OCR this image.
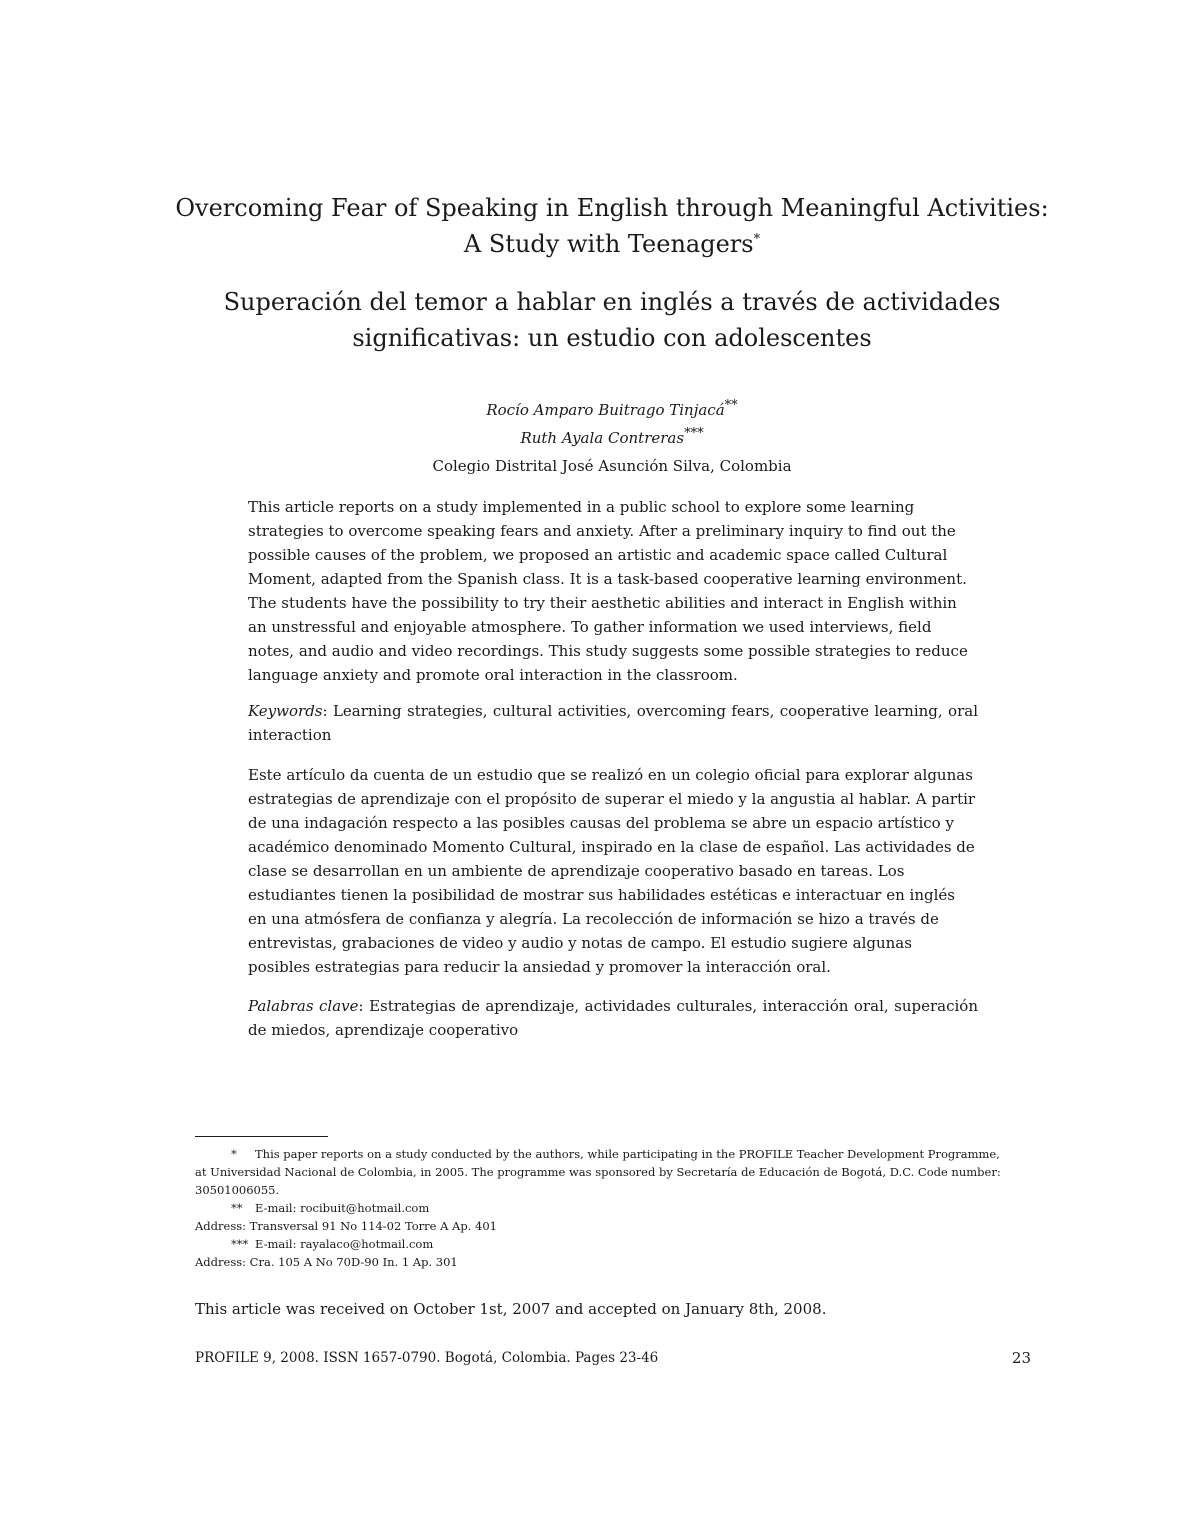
Overcoming Fear of Speaking in English through Meaningful Activities:
A Study with Teenagers*
Superación del temor a hablar en inglés a través de actividades
significativas: un estudio con adolescentes
Rocío Amparo Buitrago Tinjacá**
Ruth Ayala Contreras***
Colegio Distrital José Asunción Silva, Colombia

This article reports on a study implemented in a public school to explore some learning strategies to overcome speaking fears and anxiety. After a preliminary inquiry to find out the possible causes of the problem, we proposed an artistic and academic space called Cultural Moment, adapted from the Spanish class. It is a task-based cooperative learning environment. The students have the possibility to try their aesthetic abilities and interact in English within an unstressful and enjoyable atmosphere. To gather information we used interviews, field notes, and audio and video recordings. This study suggests some possible strategies to reduce language anxiety and promote oral interaction in the classroom.

Keywords: Learning strategies, cultural activities, overcoming fears, cooperative learning, oral interaction

Este artículo da cuenta de un estudio que se realizó en un colegio oficial para explorar algunas estrategias de aprendizaje con el propósito de superar el miedo y la angustia al hablar. A partir de una indagación respecto a las posibles causas del problema se abre un espacio artístico y académico denominado Momento Cultural, inspirado en la clase de español. Las actividades de clase se desarrollan en un ambiente de aprendizaje cooperativo basado en tareas. Los estudiantes tienen la posibilidad de mostrar sus habilidades estéticas e interactuar en inglés en una atmósfera de confianza y alegría. La recolección de información se hizo a través de entrevistas, grabaciones de video y audio y notas de campo. El estudio sugiere algunas posibles estrategias para reducir la ansiedad y promover la interacción oral.

Palabras clave: Estrategias de aprendizaje, actividades culturales, interacción oral, superación de miedos, aprendizaje cooperativo

* This paper reports on a study conducted by the authors, while participating in the PROFILE Teacher Development Programme,
at Universidad Nacional de Colombia, in 2005. The programme was sponsored by Secretaría de Educación de Bogotá, D.C. Code number:
30501006055.
** E-mail: rocibuit@hotmail.com
Address: Transversal 91 No 114-02 Torre A Ap. 401
*** E-mail: rayalaco@hotmail.com
Address: Cra. 105 A No 70D-90 In. 1 Ap. 301

This article was received on October 1st, 2007 and accepted on January 8th, 2008.

PROFILE 9, 2008. ISSN 1657-0790. Bogotá, Colombia. Pages 23-46	23
